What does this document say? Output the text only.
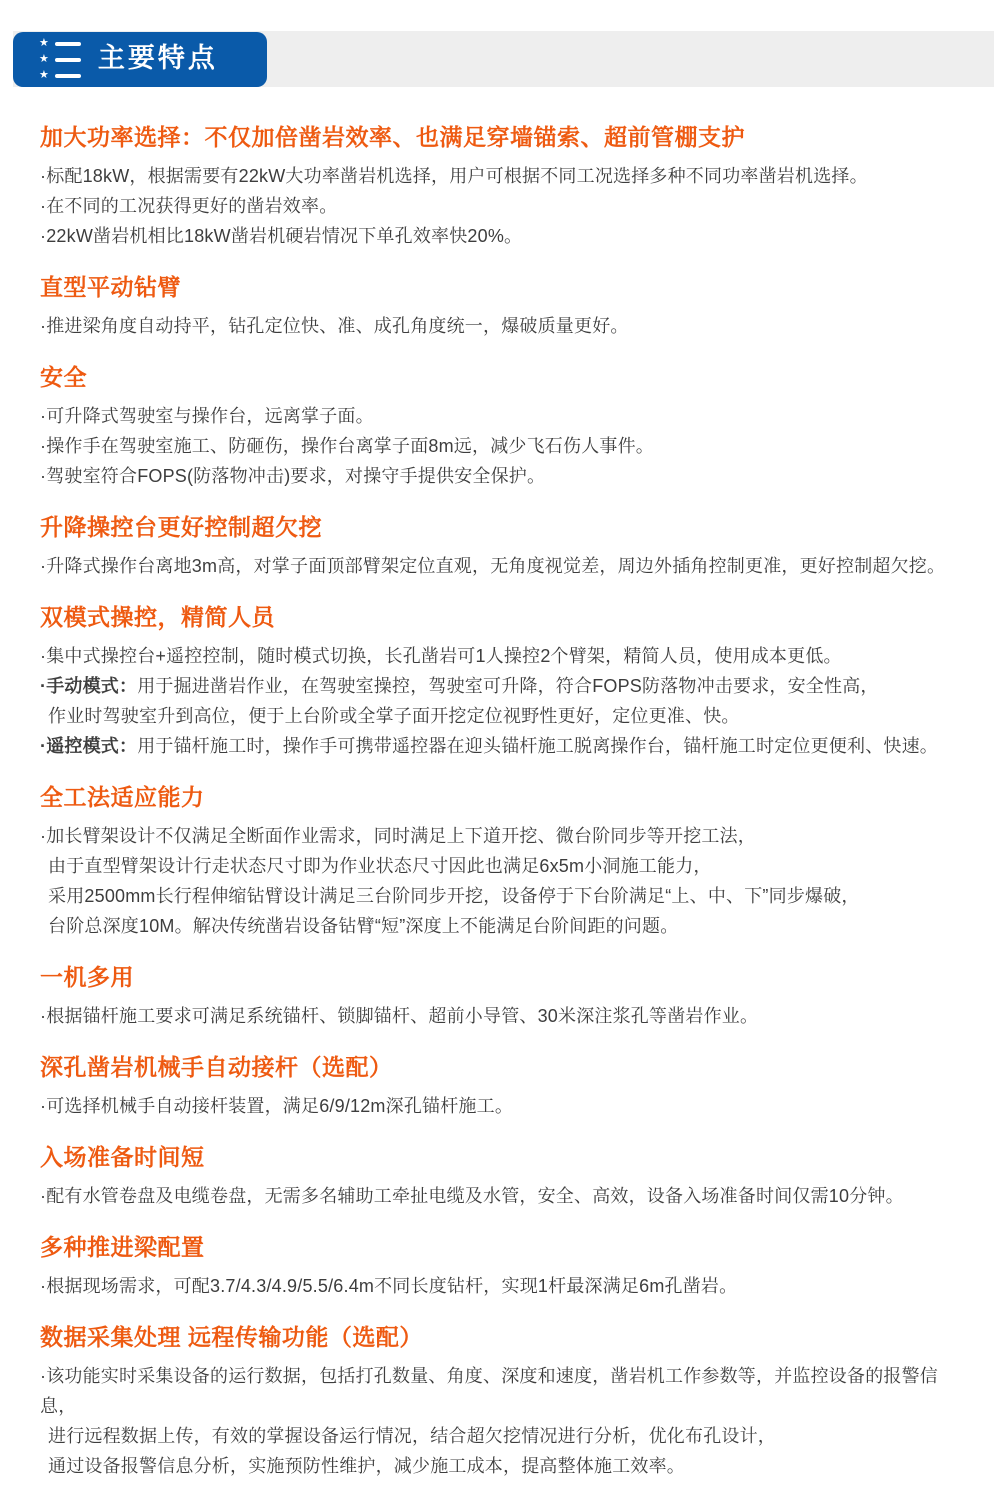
★
★
★
主要特点
加大功率选择：不仅加倍凿岩效率、也满足穿墙锚索、超前管棚支护

·标配18kW，根据需要有22kW大功率凿岩机选择，用户可根据不同工况选择多种不同功率凿岩机选择。

·在不同的工况获得更好的凿岩效率。

·22kW凿岩机相比18kW凿岩机硬岩情况下单孔效率快20%。

直型平动钻臂

·推进梁角度自动持平，钻孔定位快、准、成孔角度统一，爆破质量更好。

安全

·可升降式驾驶室与操作台，远离掌子面。

·操作手在驾驶室施工、防砸伤，操作台离掌子面8m远，减少飞石伤人事件。

·驾驶室符合FOPS(防落物冲击)要求，对操守手提供安全保护。

升降操控台更好控制超欠挖

·升降式操作台离地3m高，对掌子面顶部臂架定位直观，无角度视觉差，周边外插角控制更准，更好控制超欠挖。

双模式操控，精简人员

·集中式操控台+遥控控制，随时模式切换，长孔凿岩可1人操控2个臂架，精简人员，使用成本更低。

·手动模式：用于掘进凿岩作业，在驾驶室操控，驾驶室可升降，符合FOPS防落物冲击要求，安全性高，

作业时驾驶室升到高位，便于上台阶或全掌子面开挖定位视野性更好，定位更准、快。

·遥控模式：用于锚杆施工时，操作手可携带遥控器在迎头锚杆施工脱离操作台，锚杆施工时定位更便利、快速。

全工法适应能力

·加长臂架设计不仅满足全断面作业需求，同时满足上下道开挖、微台阶同步等开挖工法，

由于直型臂架设计行走状态尺寸即为作业状态尺寸因此也满足6x5m小洞施工能力，

采用2500mm长行程伸缩钻臂设计满足三台阶同步开挖，设备停于下台阶满足“上、中、下”同步爆破，

台阶总深度10M。解决传统凿岩设备钻臂“短”深度上不能满足台阶间距的问题。

一机多用

·根据锚杆施工要求可满足系统锚杆、锁脚锚杆、超前小导管、30米深注浆孔等凿岩作业。

深孔凿岩机械手自动接杆（选配）

·可选择机械手自动接杆装置，满足6/9/12m深孔锚杆施工。

入场准备时间短

·配有水管卷盘及电缆卷盘，无需多名辅助工牵扯电缆及水管，安全、高效，设备入场准备时间仅需10分钟。

多种推进梁配置

·根据现场需求，可配3.7/4.3/4.9/5.5/6.4m不同长度钻杆，实现1杆最深满足6m孔凿岩。

数据采集处理 远程传输功能（选配）

·该功能实时采集设备的运行数据，包括打孔数量、角度、深度和速度，凿岩机工作参数等，并监控设备的报警信息，

进行远程数据上传，有效的掌握设备运行情况，结合超欠挖情况进行分析，优化布孔设计，

通过设备报警信息分析，实施预防性维护，减少施工成本，提高整体施工效率。
